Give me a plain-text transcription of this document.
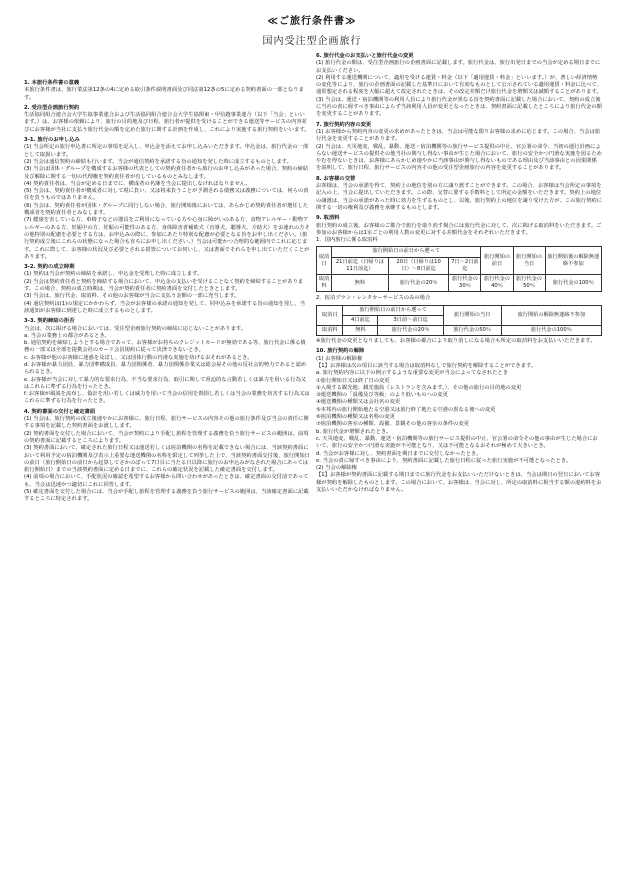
≪ご旅行条件書≫
国内受注型企画旅行
1. 本旅行条件書の意義
本旅行条件書は、旅行業法第12条の4に定める取引条件説明書面及び同法第12条の5に定める契約書面の一部となります。
2. 受注型企画旅行契約
生活協同組合連合会大学生協事業連合および生活協同組合連合会大学生協関東・甲信越事業連合（以下「当会」といいます。）は、お客様の依頼により、旅行の目的地及び日程、旅行者が提供を受けることができる運送等サービスの内容並びにお客様が当社に支払う旅行代金の額を定めた旅行に関する計画を作成し、これにより実施する旅行契約をいいます。
3-1. 旅行のお申し込み
(1) 当会所定の旅行申込書に所定の事項を記入し、申込金を添えてお申し込みいただきます。申込金は、旅行代金の一部として取扱います。
(2) 当会は通信契約の締結も行います。当会が通信契約を承諾する旨の通知を発した時に成立するものとします。
(3) 当会は団体・グループを構成するお客様の代表としての契約責任者から旅行のお申し込みがあった場合、契約の締結及び解除に関する一切の代理権を契約責任者が有しているものとみなします。
(4) 契約責任者は、当会が定める日までに、構成者の名簿を当会に提出しなければなりません。
(5) 当会は、契約責任者が構成者に対して現に負い、又は将来負うことが予測される債務又は義務については、何らの責任を負うものではありません。
(6) 当会は、契約責任者が団体・グループに同行しない場合、旅行開始後においては、あらかじめ契約責任者が選任した構成者を契約責任者とみなします。
(7) 健康を害している方、車椅子などの器具をご利用になっている方や心身に障がいのある方、食物アレルギー・動物アレルギーのある方、妊娠中の方、妊娠の可能性のある方、身体障害者補助犬（盲導犬、聴導犬、介助犬）をお連れの方その他特別の配慮を必要とする方は、お申込みの際に、参加にあたり特別な配慮が必要となる旨をお申し出ください。（旅行契約成立後にこれらの状態になった場合も直ちにお申し出ください。）当会は可能かつ合理的な範囲内でこれに応じます。これに際して、お客様の状況及び必要とされる措置についてお伺いし、又は書面でそれらを申し出ていただくことがあります。
3-2. 契約の成立時期
(1) 契約は当会が契約の締結を承諾し、申込金を受理した時に成立します。
(2) 当会は契約責任者と契約を締結する場合において、申込金の支払いを受けることなく契約を締結することがあります。この場合、契約の成立時期は、当会が契約責任者に契約書面を交付したときとします。
(3) 当会は、旅行代金、取消料、その他のお客様が当会に支払う金額の一部に充当します。
(4) 通信契約は(1)の規定にかかわらず、当会がお客様の承諾の通知を発して、同申込みを承諾する旨の通知を発し、当該通知がお客様に到達した時に成立するものとします。
3-3. 契約締結の拒否
当会は、次に掲げる場合においては、受注型企画旅行契約の締結に応じないことがあります。
a. 当会の業務上の都合があるとき。
b. 通信契約を締結しようとする場合であって、お客様がお持ちのクレジットカードが無効である等、旅行代金に係る債務の一部又は全部を提携会社のカード会員規約に従って決済できないとき。
c. お客様が他のお客様に迷惑を及ぼし、又は団体行動の円滑な実施を妨げるおそれがあるとき。
d. お客様が暴力団員、暴力団準構成員、暴力団関係者、暴力団関係企業又は総会屋その他の反社会的勢力であると認められるとき。
e. お客様が当会に対して暴力的な要求行為、不当な要求行為、取引に関して脅迫的な言動若しくは暴力を用いる行為又はこれらに準ずる行為を行ったとき。
f. お客様が風説を流布し、偽計を用い若しくは威力を用いて当会の信用を毀損し若しくは当会の業務を妨害する行為又はこれらに準ずる行為を行ったとき。
4. 契約書面の交付と確定書面
(1) 当会は、旅行契約の成立後速やかにお客様に、旅行日程、旅行サービスの内容その他の旅行条件及び当会の責任に関する事項を記載した契約書面をお渡しします。
(2) 契約書面を交付した場合において、当会が契約により手配し旅程を管理する義務を負う旅行サービスの範囲は、前項の契約書面に記載するところによります。
(3) 契約書面において、確定された旅行日程又は運送若しくは宿泊機関の名称を記載できない場合には、当該契約書面において利用予定の宿泊機関及び表示上重要な運送機関の名称を限定して列挙した上で、当該契約書面交付後、旅行開始日の前日（旅行開始日の前日から起算してさかのぼって7日目に当たる日以降に旅行のお申込みがなされた場合にあっては旅行開始日）までの当該契約書面に定める日までに、これらの確定状況を記載した確定書面を交付します。
(4) 前項の場合において、手配状況の確認を希望するお客様から問い合わせがあったときは、確定書面の交付前であっても、当会は迅速かつ適切にこれに回答します。
(5) 確定書面を交付した場合には、当会が手配し旅程を管理する義務を負う旅行サービスの範囲は、当該確定書面に記載するところに特定されます。
6. 旅行代金のお支払いと旅行代金の変更
(1) 旅行代金の額は、受注型企画旅行の企画書面に記載します。旅行代金は、旅行出発日までの当会が定める期日までにお支払いください。
(2) 利用する運送機関について、適用を受ける運賃・料金（以下「適用運賃・料金」といいます。）が、著しい経済情勢の変化等により、旅行の企画書面の記載した基準日において有効なものとして公示されている適用運賃・料金に比べて、通常想定される程度を大幅に超えて改定されたときは、その改定差額だけ旅行代金を増額又は減額することがあります。
(3) 当会は、運送・宿泊機関等の利用人員により旅行代金が異なる旨を契約書面に記載した場合において、契約の成立後に当社の責に帰すべき事由によらず当該利用人員が変更となったときは、契約書面に記載したところにより旅行代金の額を変更することがあります。
7. 旅行契約内容の変更
(1) お客様から契約内容の変更の求めがあったときは、当会は可能な限りお客様の求めに応じます。この場合、当会は旅行代金を変更することがあります。
(2) 当会は、天災地変、戦乱、暴動、運送・宿泊機関等の旅行サービス提供の中止、官公署の命令、当初の運行計画によらない運送サービスの提供その他当社の関与し得ない事由が生じた場合において、旅行の安全かつ円滑な実施を図るためやむを得ないときは、お客様にあらかじめ速やかに当該事由が関与し得ないものである理由及び当該事由との因果関係を説明して、旅行日程、旅行サービスの内容その他の受注型企画旅行の内容を変更することがあります。
8. お客様の交替
お客様は、当会の承諾を得て、契約上の地位を別の方に譲り渡すことができます。この場合、お客様は当会所定の事項を記入の上、当会に提出していただきます。この際、交替に要する手数料として所定の金額をいただきます。契約上の地位の譲渡は、当会の承諾があった時に効力を生ずるものとし、以後、旅行契約上の地位を譲り受けた方が、この旅行契約に関する一切の権利及び義務を承継するものとします。
9. 取消料
旅行契約の成立後、お客様のご都合で旅行を取り消す場合には旅行代金に対して、次に掲げる取消料をいただきます。ご参加のお客様からは1室ごとの利用人数の変更に対する差額代金をそれぞれいただきます。
1．国内旅行に係る取消料
取消日	旅行開始日の前日から遡って			旅行開始の前日	旅行開始の当日	旅行開始後の解除無連絡不参加
	21日前迄（日帰りは11日前迄）	20日（日帰りは10日）〜8日前迄	7日〜2日前迄			
取消料	無料	旅行代金の20％	旅行代金の30％	旅行代金の40％	旅行代金の50％	旅行代金の100％
2．宿泊プラン・レンタカーサービスのみの場合
取消日	旅行開始日の前日から遡って		旅行開始の当日	旅行開始の解除無連絡不参加
	4日前迄	3日前〜前日迄		
取消料	無料	旅行代金の20％	旅行代金の50％	旅行代金の100％
※旅行代金の変更となりましても、お客様の都合により取り消しになる場合も所定の取消料をお支払いいただきます。
10. 旅行契約の解除
(1) お客様の解除権
【1】お客様は次の項目に該当する場合は取消料なしで旅行契約を解除することができます。
a. 旅行契約内容に以下の例示するような重要な変更が当会によってなされたとき
①旅行開始日又は終了日の変更
②入場する観光地、観光施設（レストランを含みます。）、その他の旅行の目的地の変更
③運送機関の「設備及び等級」のより低いものへの変更
④運送機関の種類又は会社名の変更
⑤本邦内の旅行開始地たる空港又は旅行終了地たる空港の異なる便への変更
⑥宿泊機関の種類又は名称の変更
⑦宿泊機関の客室の種類、設備、景観その他の客室の条件の変更
b. 旅行代金が増額されたとき。
c. 天災地変、戦乱、暴動、運送・宿泊機関等の旅行サービス提供の中止、官公署の命令その他の事由が生じた場合において、旅行の安全かつ円滑な実施が不可能となり、又は不可能となるおそれが極めて大きいとき。
d. 当会がお客様に対し、契約書面を期日までに交付しなかったとき。
e. 当会の責に帰すべき事由により、契約書面に記載した旅行日程に従った旅行実施が不可能となったとき。
(2) 当会の解除権
【1】お客様が契約書面に記載する期日までに旅行代金をお支払いいただけないときは、当会は期日の翌日においてお客様が契約を解除したものとします。この場合において、お客様は、当会に対し、所定の取消料に相当する額の違約料をお支払いいただかなければなりません。
